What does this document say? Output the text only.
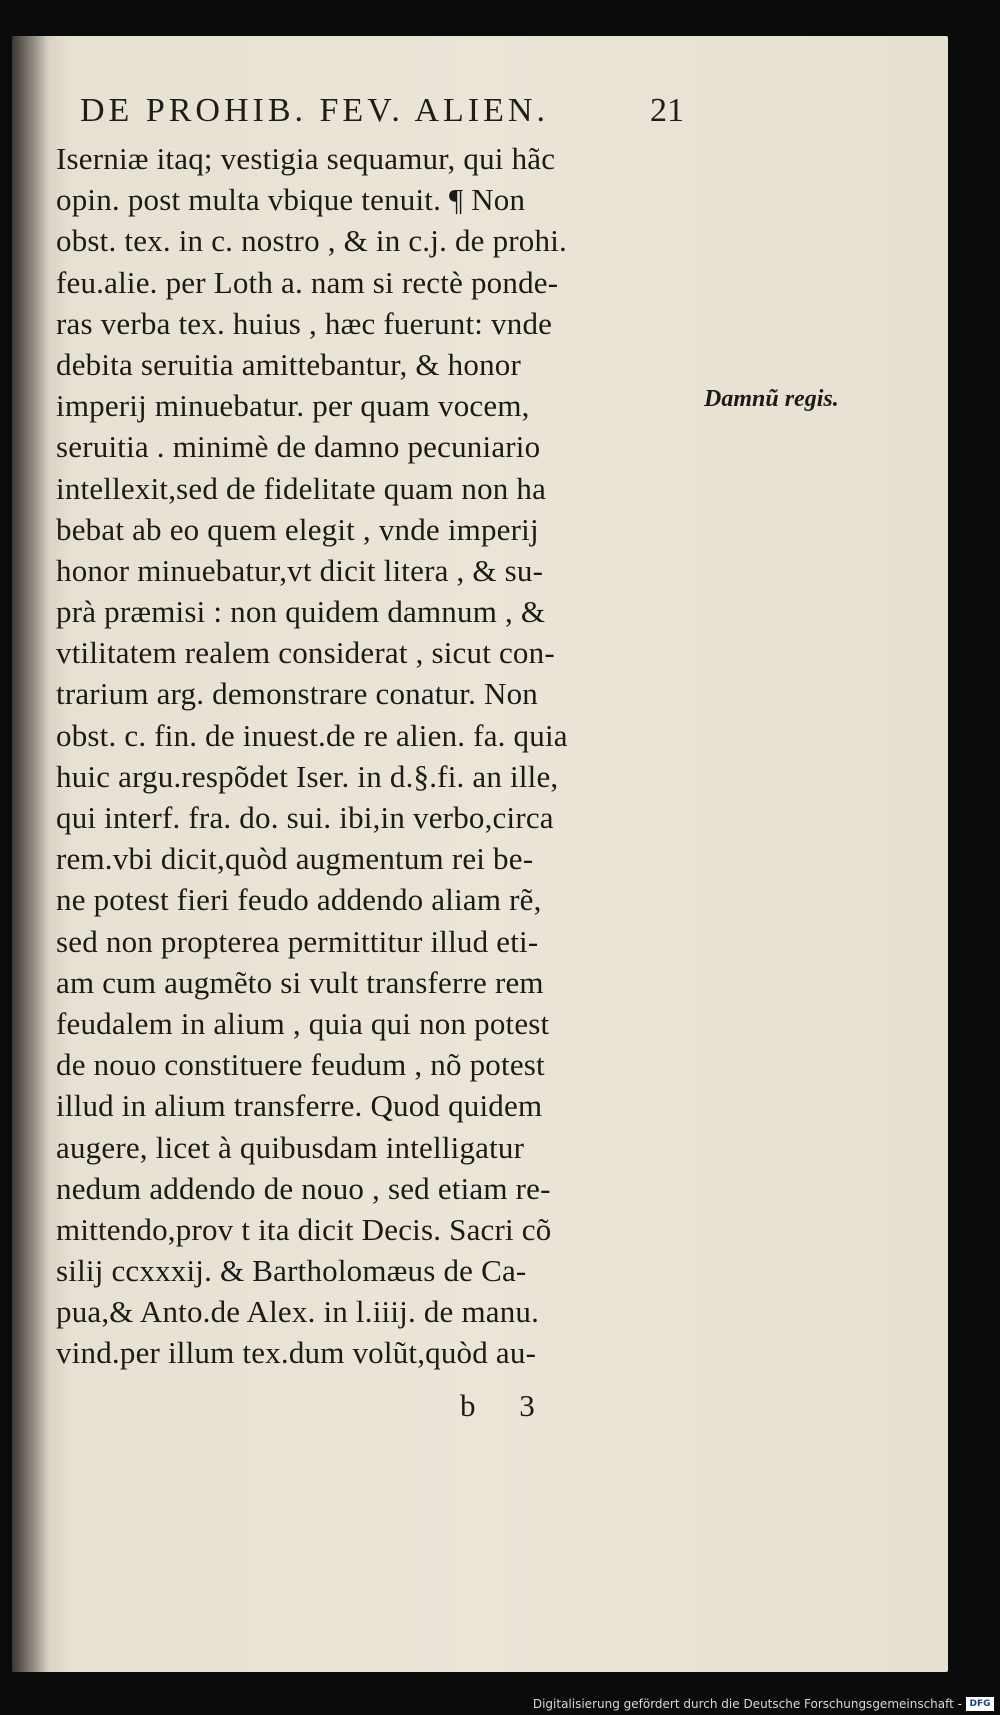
DE PROHIB. FEV. ALIEN.	21
Iserniæ itaq; vestigia sequamur, qui hãc
opin. post multa vbique tenuit. ¶ Non
obst. tex. in c. nostro , & in c.j. de prohi.
feu.alie. per Loth a. nam si rectè ponde-
ras verba tex. huius , hæc fuerunt: vnde
debita seruitia amittebantur, & honor
imperij minuebatur. per quam vocem,
seruitia . minimè de damno pecuniario
intellexit,sed de fidelitate quam non ha
bebat ab eo quem elegit , vnde imperij
honor minuebatur,vt dicit litera , & su-
prà præmisi : non quidem damnum , &
vtilitatem realem considerat , sicut con-
trarium arg. demonstrare conatur. Non
obst. c. fin. de inuest.de re alien. fa. quia
huic argu.respõdet Iser. in d.§.fi. an ille,
qui interf. fra. do. sui. ibi,in verbo,circa
rem.vbi dicit,quòd augmentum rei be-
ne potest fieri feudo addendo aliam rẽ,
sed non propterea permittitur illud eti-
am cum augmẽto si vult transferre rem
feudalem in alium , quia qui non potest
de nouo constituere feudum , nõ potest
illud in alium transferre. Quod quidem
augere, licet à quibusdam intelligatur
nedum addendo de nouo , sed etiam re-
mittendo,prov t ita dicit Decis. Sacri cõ
silij ccxxxij. & Bartholomæus de Ca-
pua,& Anto.de Alex. in l.iiij. de manu.
vind.per illum tex.dum volũt,quòd au-
Damnũ regis.
b 3
Digitalisierung gefördert durch die Deutsche Forschungsgemeinschaft - DFG
